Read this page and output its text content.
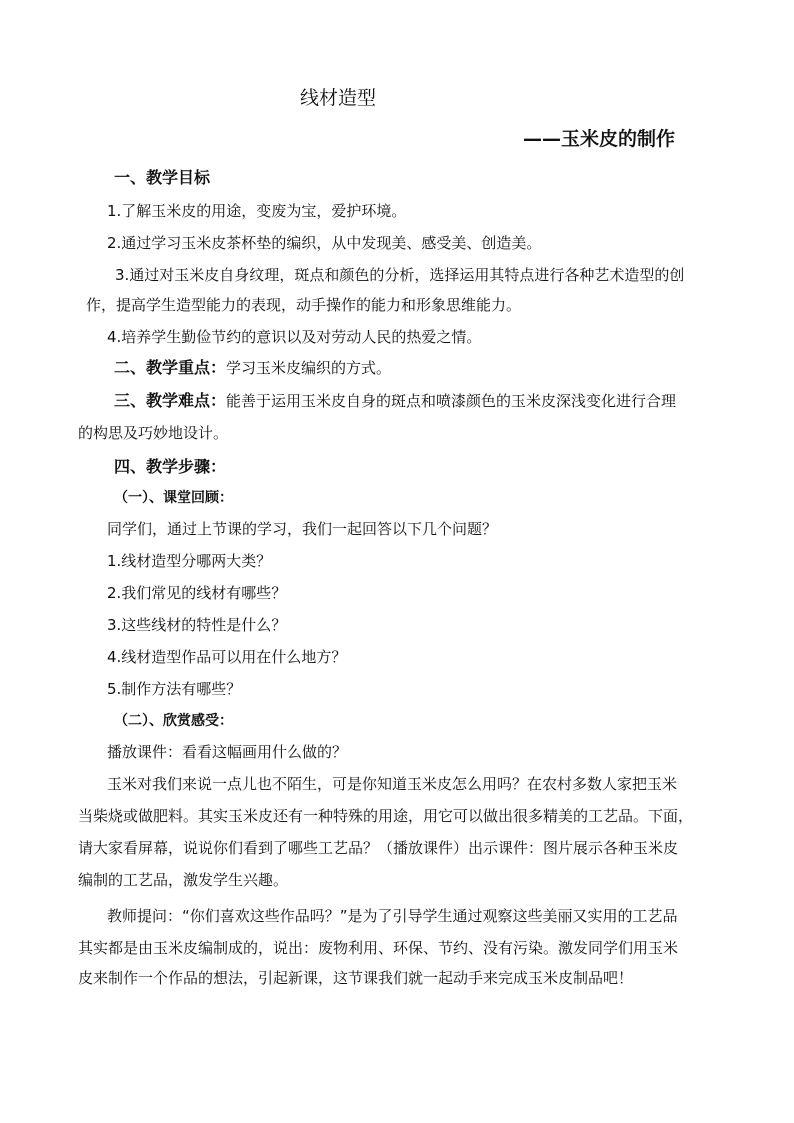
线材造型
——玉米皮的制作
一、教学目标
1.了解玉米皮的用途，变废为宝，爱护环境。
2.通过学习玉米皮茶杯垫的编织，从中发现美、感受美、创造美。
3.通过对玉米皮自身纹理，斑点和颜色的分析，选择运用其特点进行各种艺术造型的创
作，提高学生造型能力的表现，动手操作的能力和形象思维能力。
4.培养学生勤俭节约的意识以及对劳动人民的热爱之情。
二、教学重点：学习玉米皮编织的方式。
三、教学难点：能善于运用玉米皮自身的斑点和喷漆颜色的玉米皮深浅变化进行合理
的构思及巧妙地设计。
四、教学步骤：
（一）、课堂回顾：
同学们，通过上节课的学习，我们一起回答以下几个问题？
1.线材造型分哪两大类？
2.我们常见的线材有哪些？
3.这些线材的特性是什么？
4.线材造型作品可以用在什么地方？
5.制作方法有哪些？
（二）、欣赏感受：
播放课件：看看这幅画用什么做的？
玉米对我们来说一点儿也不陌生，可是你知道玉米皮怎么用吗？在农村多数人家把玉米
当柴烧或做肥料。其实玉米皮还有一种特殊的用途，用它可以做出很多精美的工艺品。下面，
请大家看屏幕，说说你们看到了哪些工艺品？（播放课件）出示课件：图片展示各种玉米皮
编制的工艺品，激发学生兴趣。
教师提问：“你们喜欢这些作品吗？”是为了引导学生通过观察这些美丽又实用的工艺品
其实都是由玉米皮编制成的，说出：废物利用、环保、节约、没有污染。激发同学们用玉米
皮来制作一个作品的想法，引起新课，这节课我们就一起动手来完成玉米皮制品吧！
